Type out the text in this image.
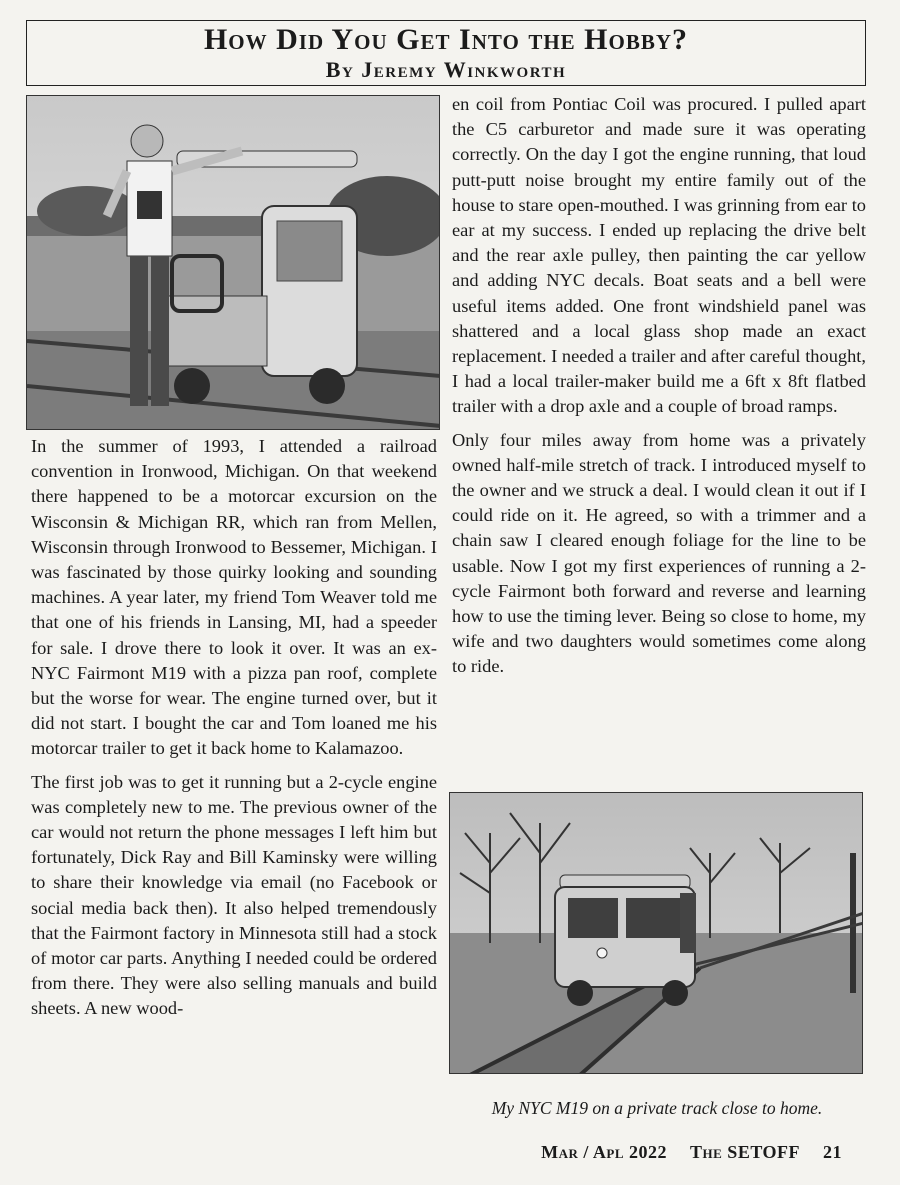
How Did You Get Into the Hobby?
By Jeremy Winkworth

In the summer of 1993, I attended a railroad convention in Ironwood, Michigan. On that weekend there happened to be a motorcar excursion on the Wisconsin & Michigan RR, which ran from Mellen, Wisconsin through Ironwood to Bessemer, Michigan. I was fascinated by those quirky looking and sounding machines. A year later, my friend Tom Weaver told me that one of his friends in Lansing, MI, had a speeder for sale. I drove there to look it over. It was an ex-NYC Fairmont M19 with a pizza pan roof, complete but the worse for wear. The engine turned over, but it did not start. I bought the car and Tom loaned me his motorcar trailer to get it back home to Kalamazoo.

The first job was to get it running but a 2-cycle engine was completely new to me. The previous owner of the car would not return the phone messages I left him but fortunately, Dick Ray and Bill Kaminsky were willing to share their knowledge via email (no Facebook or social media back then). It also helped tremendously that the Fairmont factory in Minnesota still had a stock of motor car parts. Anything I needed could be ordered from there. They were also selling manuals and build sheets. A new wood-

en coil from Pontiac Coil was procured. I pulled apart the C5 carburetor and made sure it was operating correctly. On the day I got the engine running, that loud putt-putt noise brought my entire family out of the house to stare open-mouthed. I was grinning from ear to ear at my success. I ended up replacing the drive belt and the rear axle pulley, then painting the car yellow and adding NYC decals. Boat seats and a bell were useful items added. One front windshield panel was shattered and a local glass shop made an exact replacement. I needed a trailer and after careful thought, I had a local trailer-maker build me a 6ft x 8ft flatbed trailer with a drop axle and a couple of broad ramps.

Only four miles away from home was a privately owned half-mile stretch of track. I introduced myself to the owner and we struck a deal. I would clean it out if I could ride on it. He agreed, so with a trimmer and a chain saw I cleared enough foliage for the line to be usable. Now I got my first experiences of running a 2-cycle Fairmont both forward and reverse and learning how to use the timing lever. Being so close to home, my wife and two daughters would sometimes come along to ride.

My NYC M19 on a private track close to home.
Mar / Apl 2022 The SETOFF 21
